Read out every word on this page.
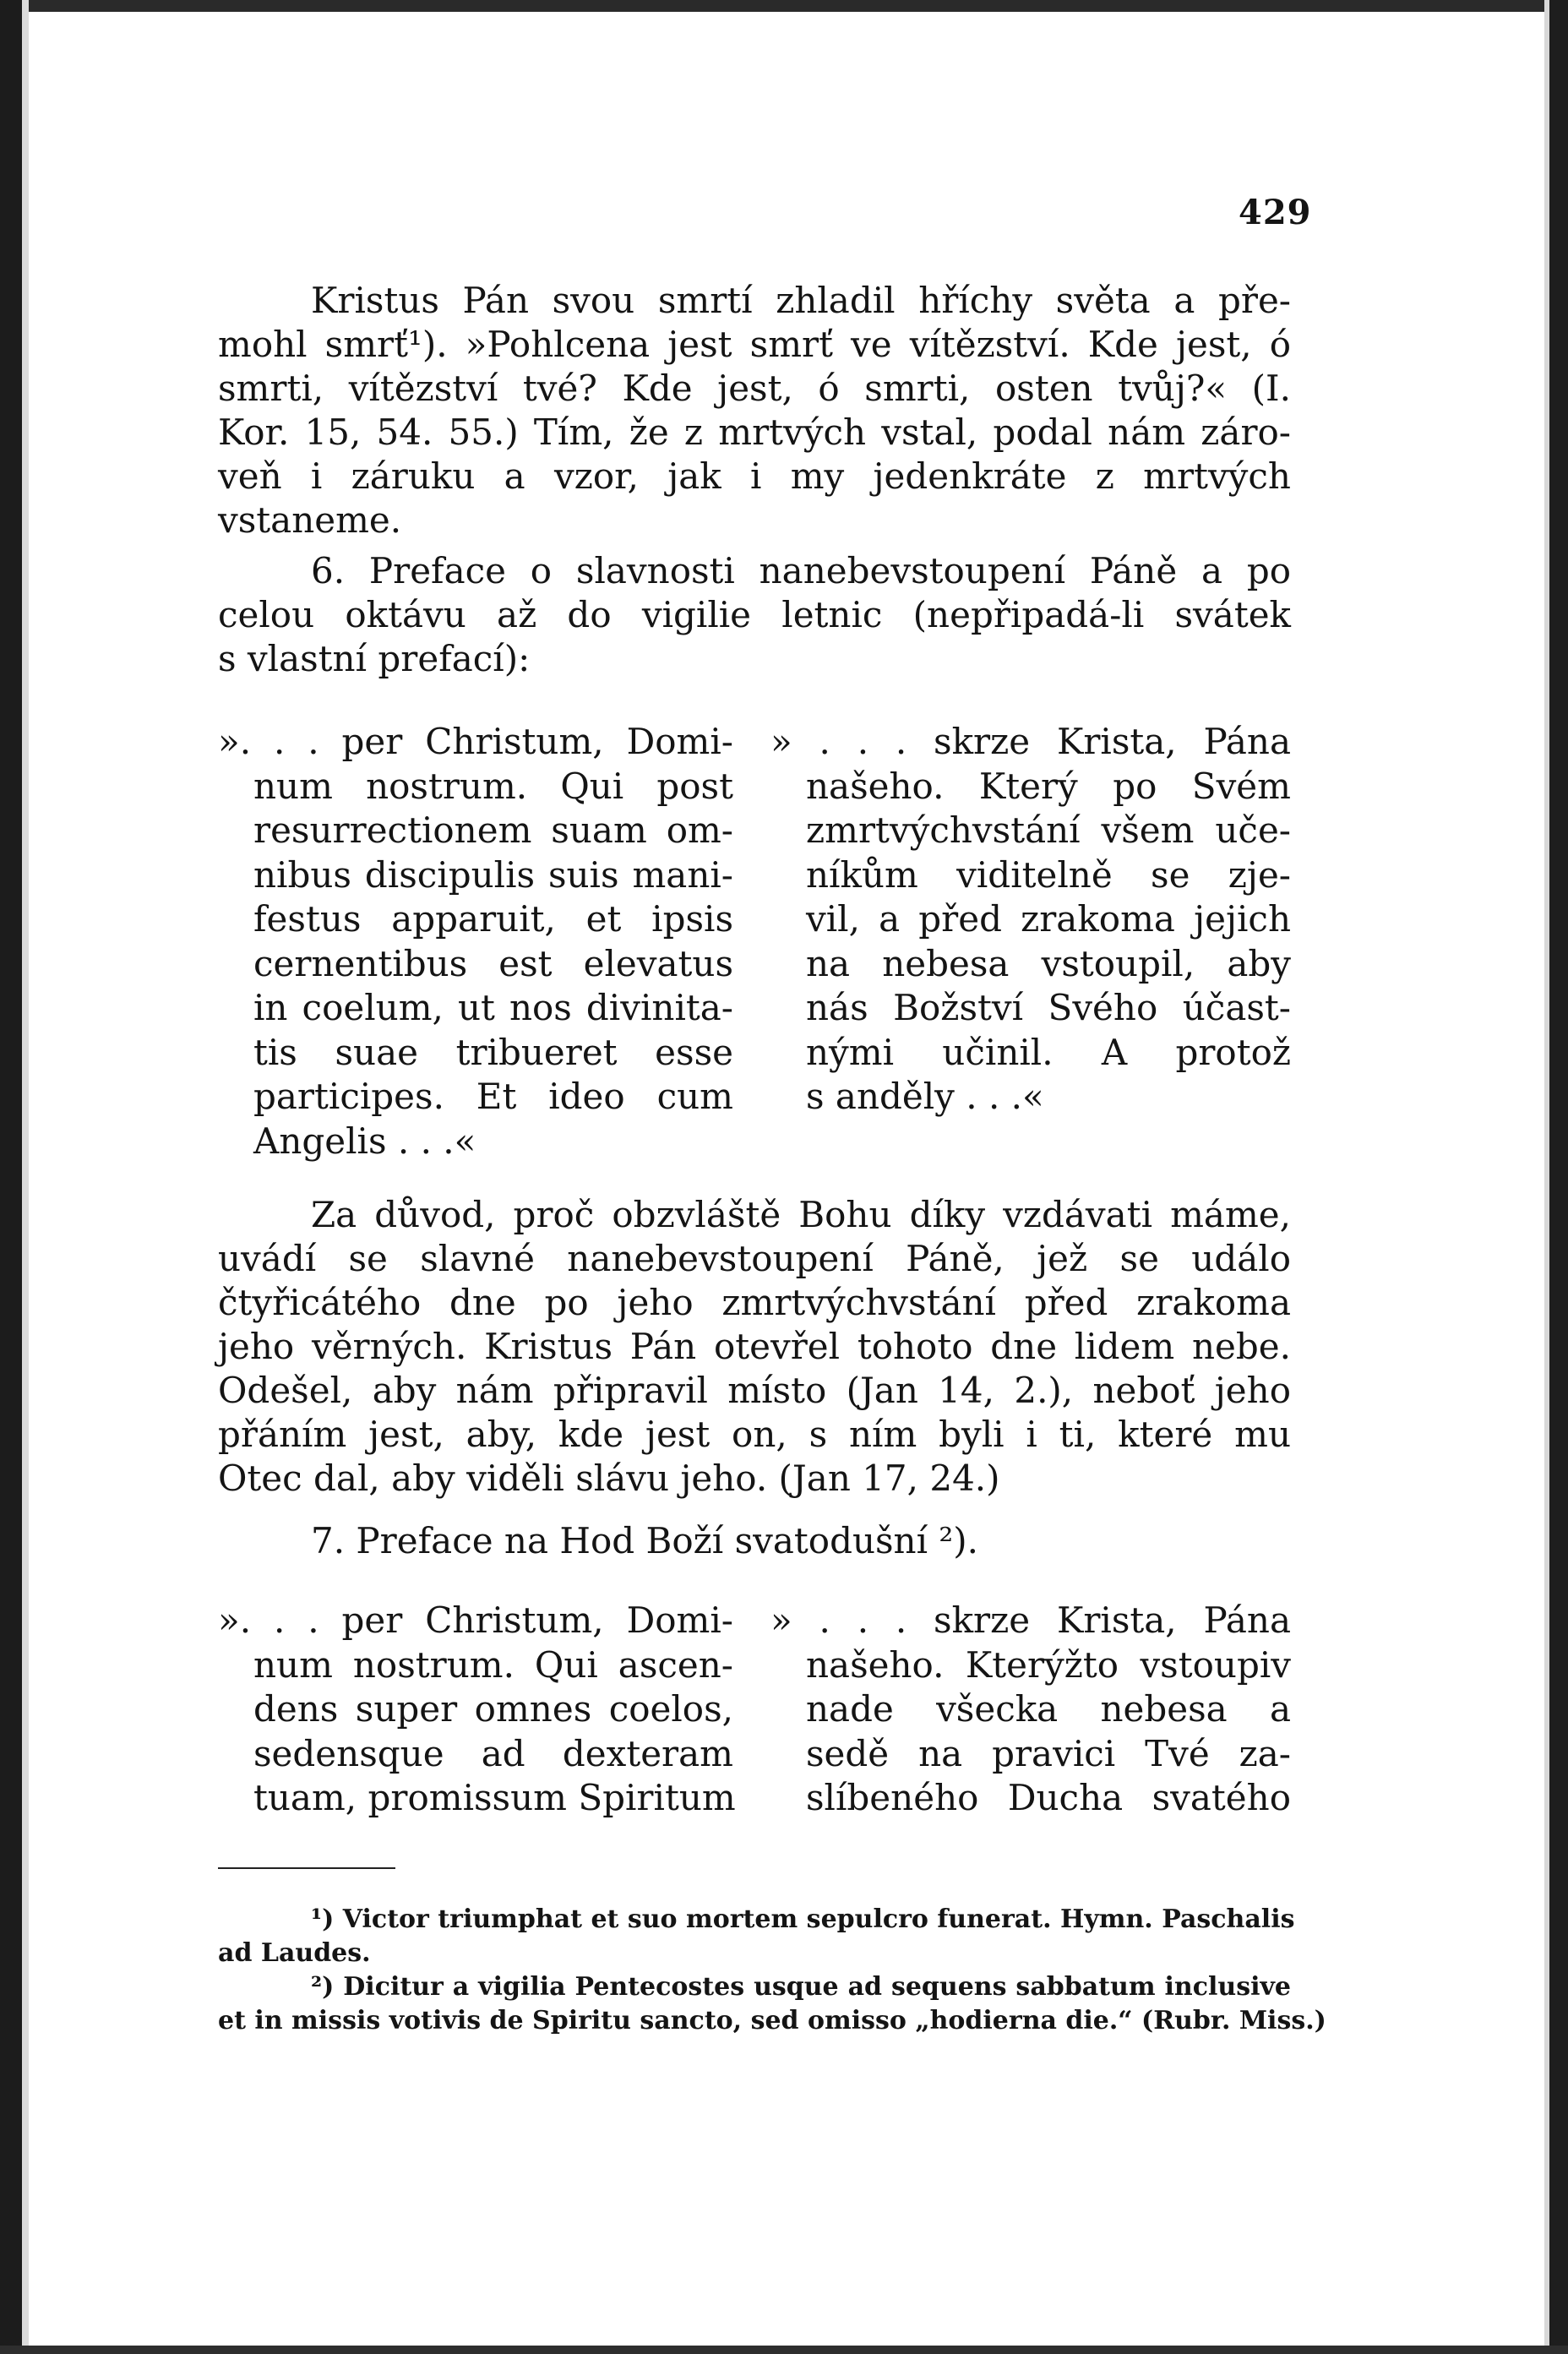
429
Kristus Pán svou smrtí zhladil hříchy světa a pře-
mohl smrť¹). »Pohlcena jest smrť ve vítězství. Kde jest, ó
smrti, vítězství tvé? Kde jest, ó smrti, osten tvůj?« (I.
Kor. 15, 54. 55.) Tím, že z mrtvých vstal, podal nám záro-
veň i záruku a vzor, jak i my jedenkráte z mrtvých
vstaneme.
6. Preface o slavnosti nanebevstoupení Páně a po
celou oktávu až do vigilie letnic (nepřipadá-li svátek
s vlastní prefací):
». . . per Christum, Domi-
num nostrum. Qui post
resurrectionem suam om-
nibus discipulis suis mani-
festus apparuit, et ipsis
cernentibus est elevatus
in coelum, ut nos divinita-
tis suae tribueret esse
participes. Et ideo cum
Angelis . . .«
» . . . skrze Krista, Pána
našeho. Který po Svém
zmrtvýchvstání všem uče-
níkům viditelně se zje-
vil, a před zrakoma jejich
na nebesa vstoupil, aby
nás Božství Svého účast-
nými učinil. A protož
s anděly . . .«
Za důvod, proč obzvláště Bohu díky vzdávati máme,
uvádí se slavné nanebevstoupení Páně, jež se událo
čtyřicátého dne po jeho zmrtvýchvstání před zrakoma
jeho věrných. Kristus Pán otevřel tohoto dne lidem nebe.
Odešel, aby nám připravil místo (Jan 14, 2.), neboť jeho
přáním jest, aby, kde jest on, s ním byli i ti, které mu
Otec dal, aby viděli slávu jeho. (Jan 17, 24.)
7. Preface na Hod Boží svatodušní ²).
». . . per Christum, Domi-
num nostrum. Qui ascen-
dens super omnes coelos,
sedensque ad dexteram
tuam, promissum Spiritum
» . . . skrze Krista, Pána
našeho. Kterýžto vstoupiv
nade všecka nebesa a
sedě na pravici Tvé za-
slíbeného Ducha svatého
¹) Victor triumphat et suo mortem sepulcro funerat. Hymn. Paschalis
ad Laudes.
²) Dicitur a vigilia Pentecostes usque ad sequens sabbatum inclusive
et in missis votivis de Spiritu sancto, sed omisso „hodierna die.“ (Rubr. Miss.)
